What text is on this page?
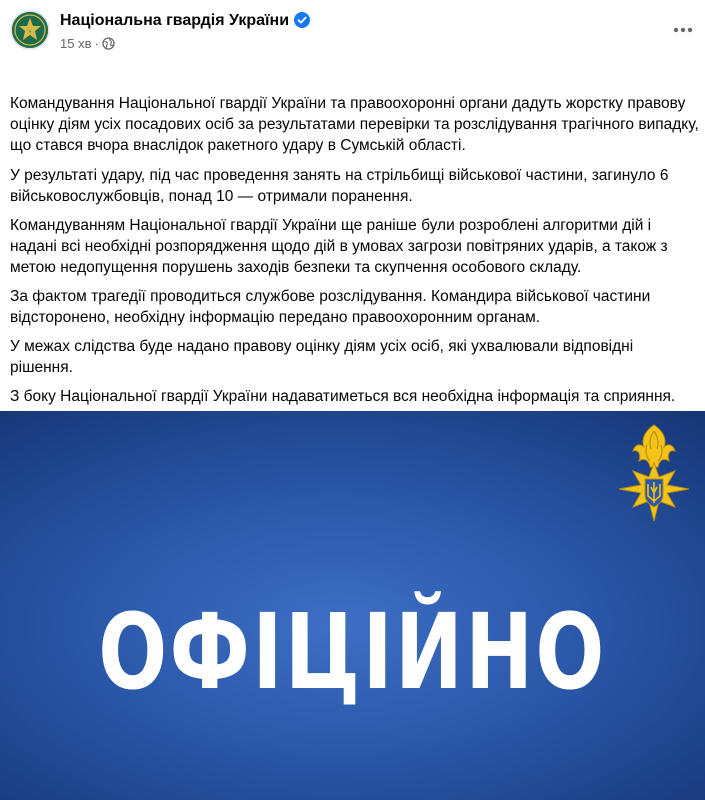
Національна гвардія України
15 хв ·

Командування Національної гвардії України та правоохоронні органи дадуть жорстку правову оцінку діям усіх посадових осіб за результатами перевірки та розслідування трагічного випадку, що стався вчора внаслідок ракетного удару в Сумській області.

У результаті удару, під час проведення занять на стрільбищі військової частини, загинуло 6 військовослужбовців, понад 10 — отримали поранення.

Командуванням Національної гвардії України ще раніше були розроблені алгоритми дій і надані всі необхідні розпорядження щодо дій в умовах загрози повітряних ударів, а також з метою недопущення порушень заходів безпеки та скупчення особового складу.

За фактом трагедії проводиться службове розслідування. Командира військової частини відсторонено, необхідну інформацію передано правоохоронним органам.

У межах слідства буде надано правову оцінку діям усіх осіб, які ухвалювали відповідні рішення.

З боку Національної гвардії України надаватиметься вся необхідна інформація та сприяння.

ОФІЦІЙНО
